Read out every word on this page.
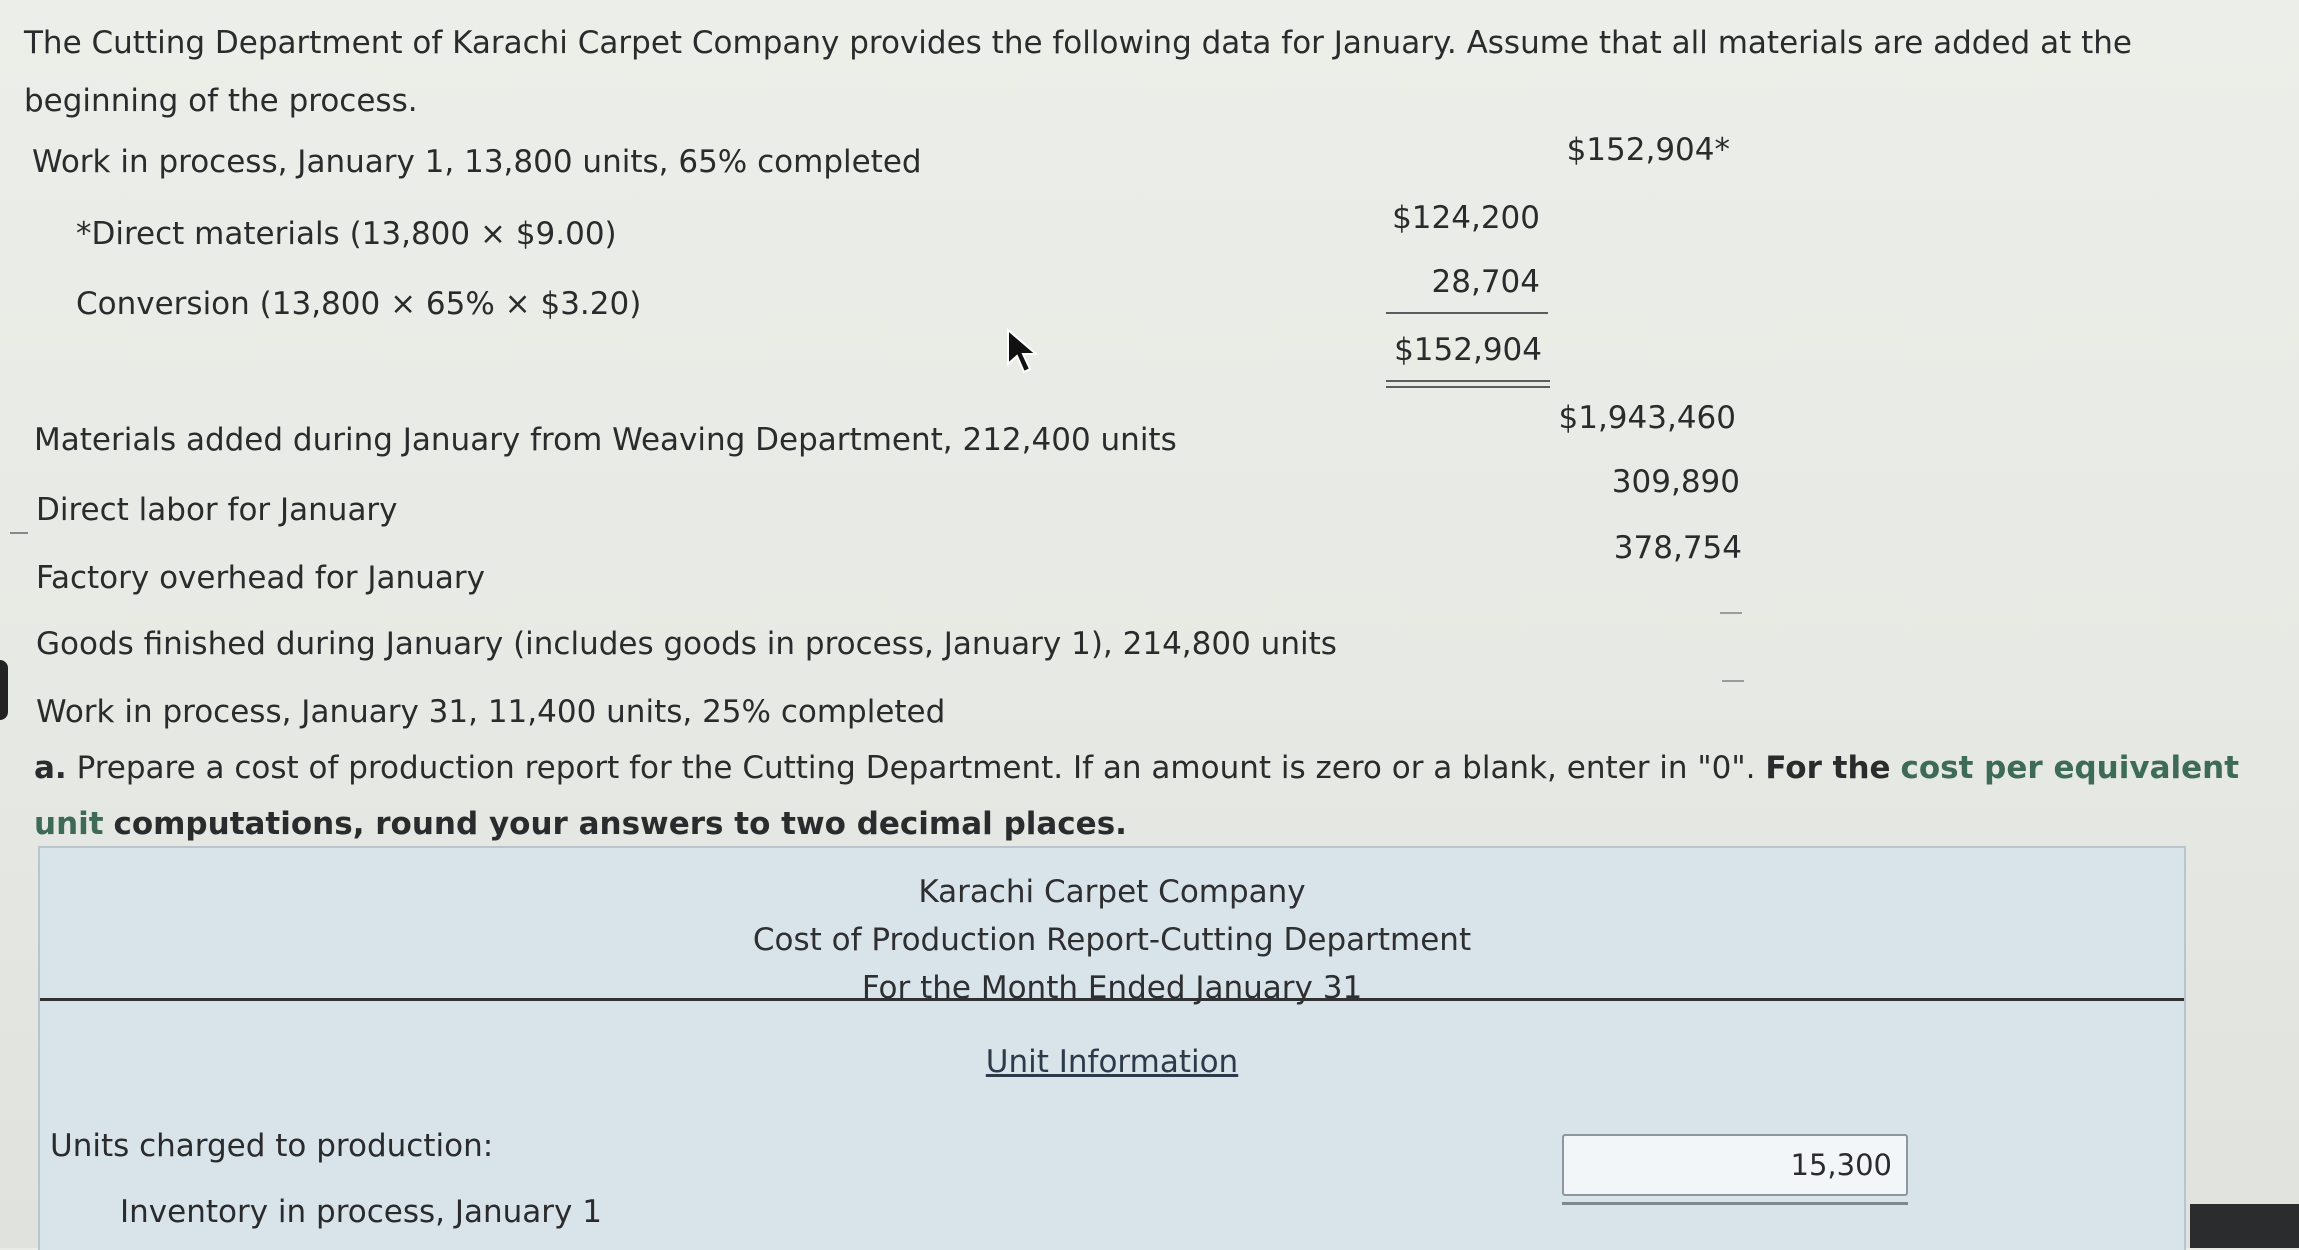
The Cutting Department of Karachi Carpet Company provides the following data for January. Assume that all materials are added at the beginning of the process.
Work in process, January 1, 13,800 units, 65% completed	$152,904*
*Direct materials (13,800 × $9.00)	$124,200
Conversion (13,800 × 65% × $3.20)
28,704
$152,904
Materials added during January from Weaving Department, 212,400 units
$1,943,460
Direct labor for January
309,890
Factory overhead for January
378,754
Goods finished during January (includes goods in process, January 1), 214,800 units
Work in process, January 31, 11,400 units, 25% completed
a. Prepare a cost of production report for the Cutting Department. If an amount is zero or a blank, enter in "0". For the cost per equivalent unit computations, round your answers to two decimal places.
Karachi Carpet Company
Cost of Production Report-Cutting Department
For the Month Ended January 31
Unit Information
Units charged to production:
Inventory in process, January 1
15,300
